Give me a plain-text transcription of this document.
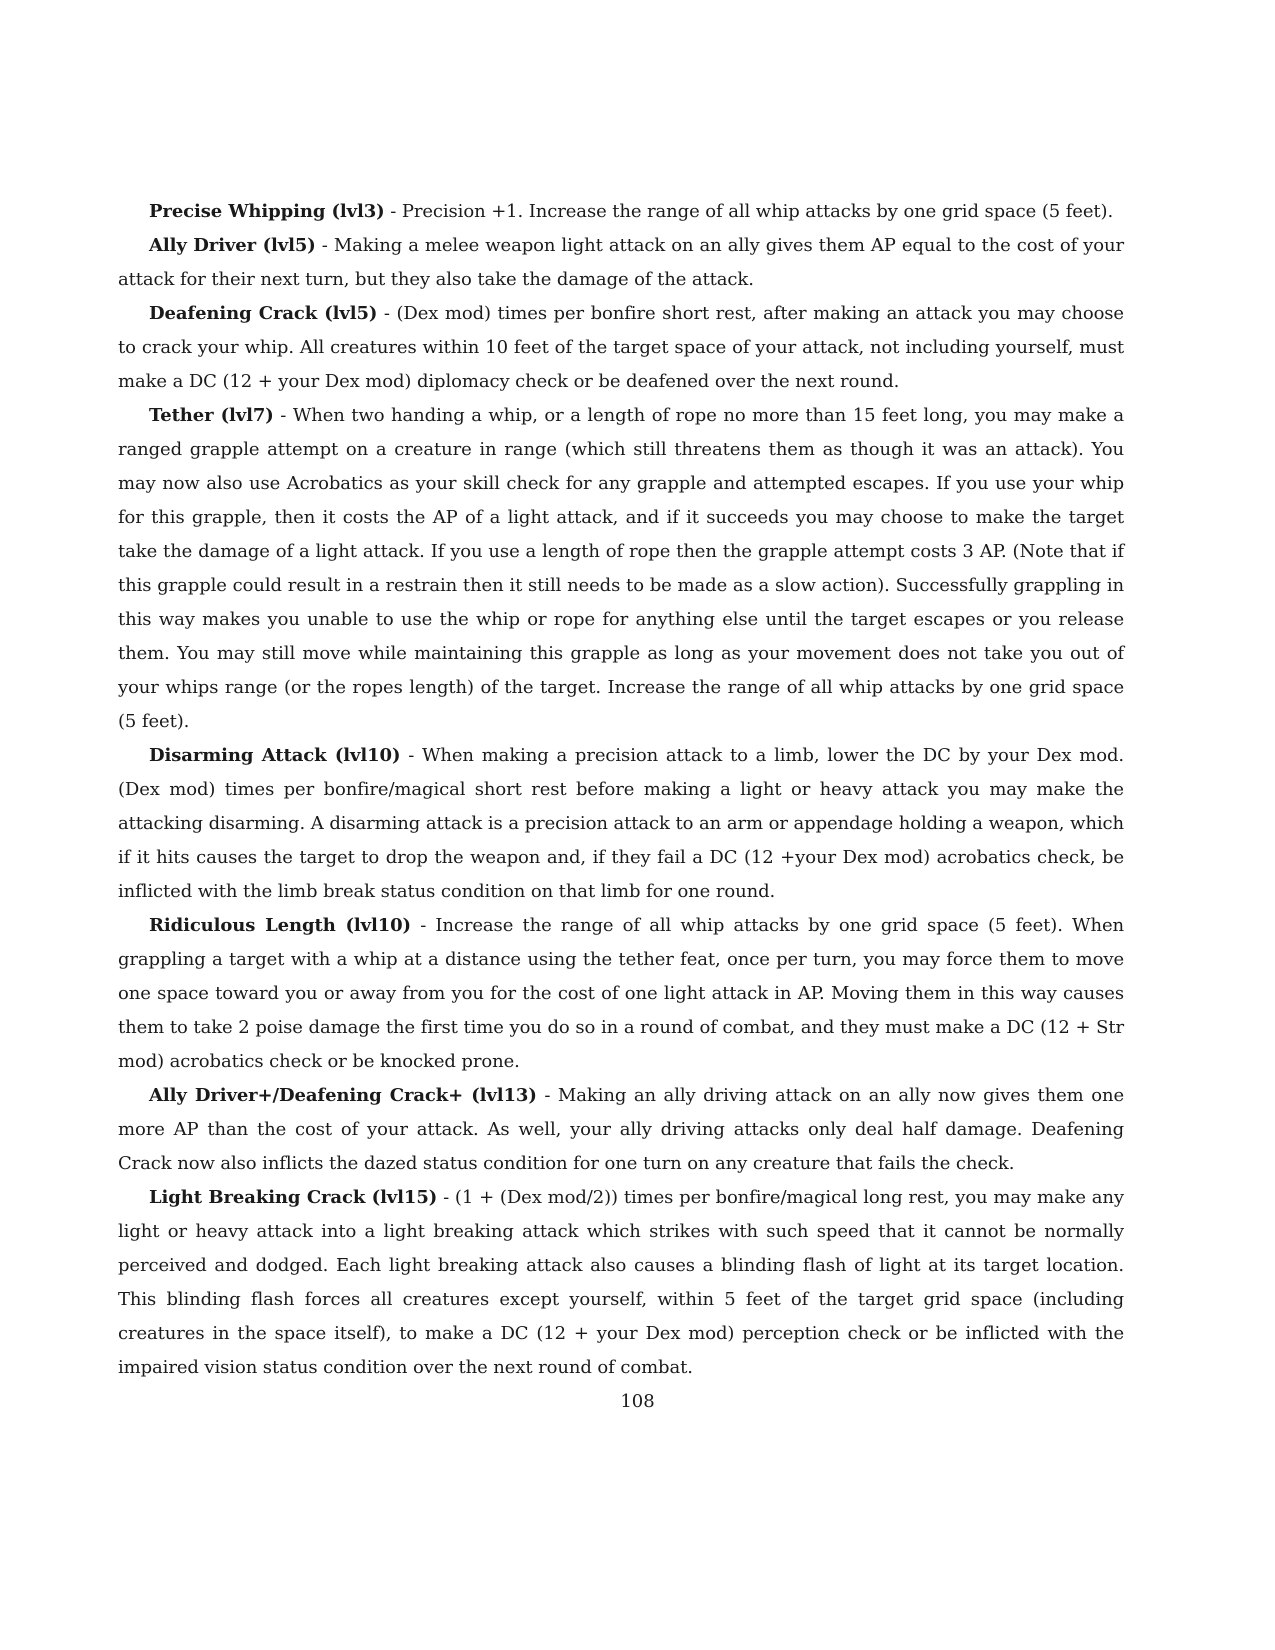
Precise Whipping (lvl3) - Precision +1. Increase the range of all whip attacks by one grid space (5 feet).

Ally Driver (lvl5) - Making a melee weapon light attack on an ally gives them AP equal to the cost of your attack for their next turn, but they also take the damage of the attack.

Deafening Crack (lvl5) - (Dex mod) times per bonfire short rest, after making an attack you may choose to crack your whip. All creatures within 10 feet of the target space of your attack, not including yourself, must make a DC (12 + your Dex mod) diplomacy check or be deafened over the next round.

Tether (lvl7) - When two handing a whip, or a length of rope no more than 15 feet long, you may make a ranged grapple attempt on a creature in range (which still threatens them as though it was an attack). You may now also use Acrobatics as your skill check for any grapple and attempted escapes. If you use your whip for this grapple, then it costs the AP of a light attack, and if it succeeds you may choose to make the target take the damage of a light attack. If you use a length of rope then the grapple attempt costs 3 AP. (Note that if this grapple could result in a restrain then it still needs to be made as a slow action). Successfully grappling in this way makes you unable to use the whip or rope for anything else until the target escapes or you release them. You may still move while maintaining this grapple as long as your movement does not take you out of your whips range (or the ropes length) of the target. Increase the range of all whip attacks by one grid space (5 feet).

Disarming Attack (lvl10) - When making a precision attack to a limb, lower the DC by your Dex mod. (Dex mod) times per bonfire/magical short rest before making a light or heavy attack you may make the attacking disarming. A disarming attack is a precision attack to an arm or appendage holding a weapon, which if it hits causes the target to drop the weapon and, if they fail a DC (12 +your Dex mod) acrobatics check, be inflicted with the limb break status condition on that limb for one round.

Ridiculous Length (lvl10) - Increase the range of all whip attacks by one grid space (5 feet). When grappling a target with a whip at a distance using the tether feat, once per turn, you may force them to move one space toward you or away from you for the cost of one light attack in AP. Moving them in this way causes them to take 2 poise damage the first time you do so in a round of combat, and they must make a DC (12 + Str mod) acrobatics check or be knocked prone.

Ally Driver+/Deafening Crack+ (lvl13) - Making an ally driving attack on an ally now gives them one more AP than the cost of your attack. As well, your ally driving attacks only deal half damage. Deafening Crack now also inflicts the dazed status condition for one turn on any creature that fails the check.

Light Breaking Crack (lvl15) - (1 + (Dex mod/2)) times per bonfire/magical long rest, you may make any light or heavy attack into a light breaking attack which strikes with such speed that it cannot be normally perceived and dodged. Each light breaking attack also causes a blinding flash of light at its target location. This blinding flash forces all creatures except yourself, within 5 feet of the target grid space (including creatures in the space itself), to make a DC (12 + your Dex mod) perception check or be inflicted with the impaired vision status condition over the next round of combat.

108
